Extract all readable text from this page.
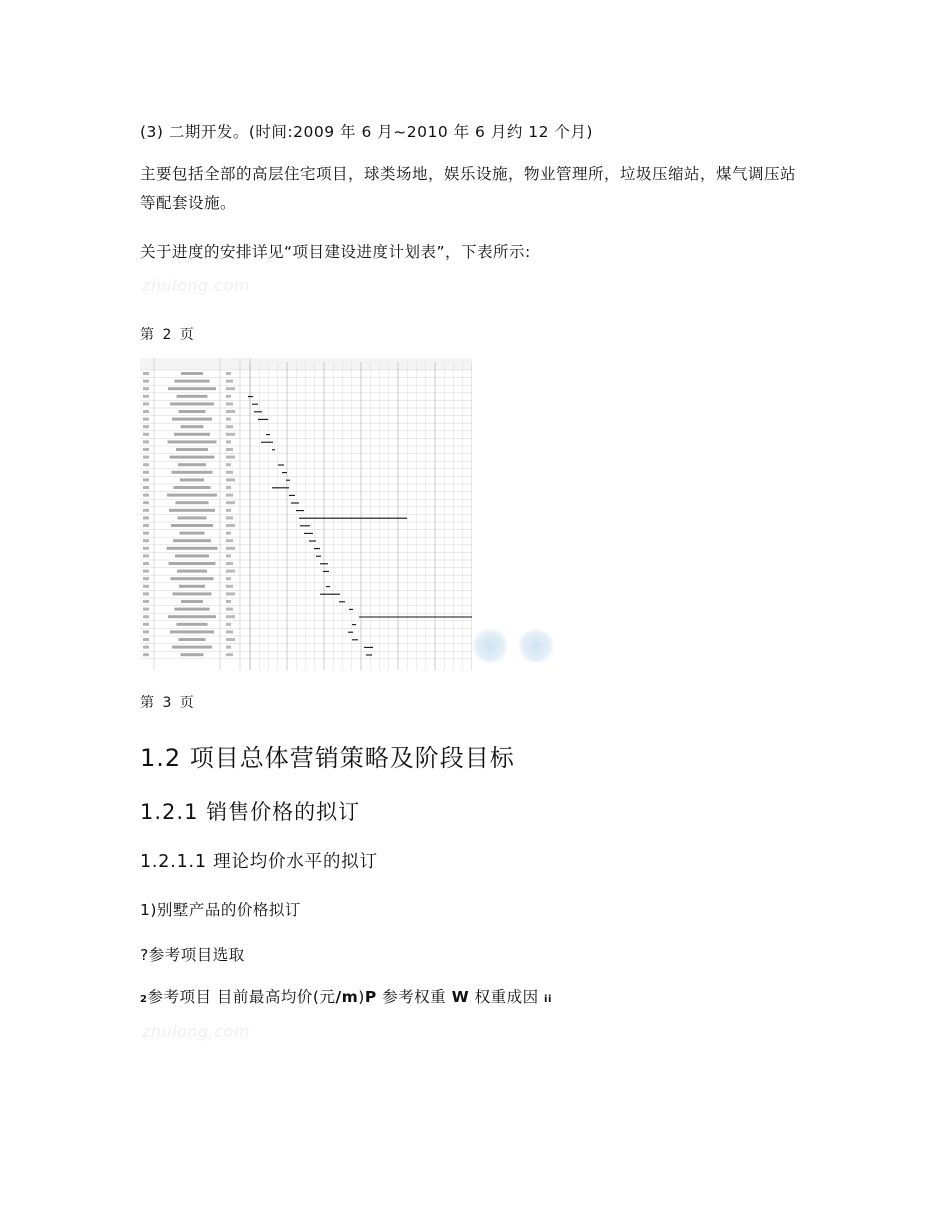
(3) 二期开发。(时间:2009 年 6 月~2010 年 6 月约 12 个月)

主要包括全部的高层住宅项目，球类场地，娱乐设施，物业管理所，垃圾压缩站，煤气调压站等配套设施。

关于进度的安排详见“项目建设进度计划表”，下表所示:

zhulong.com

第 2 页

第 3 页

1.2 项目总体营销策略及阶段目标
1.2.1 销售价格的拟订
1.2.1.1 理论均价水平的拟订

1)别墅产品的价格拟订

?参考项目选取

2参考项目 目前最高均价(元/m)P 参考权重 W 权重成因 ii

zhulong.com
